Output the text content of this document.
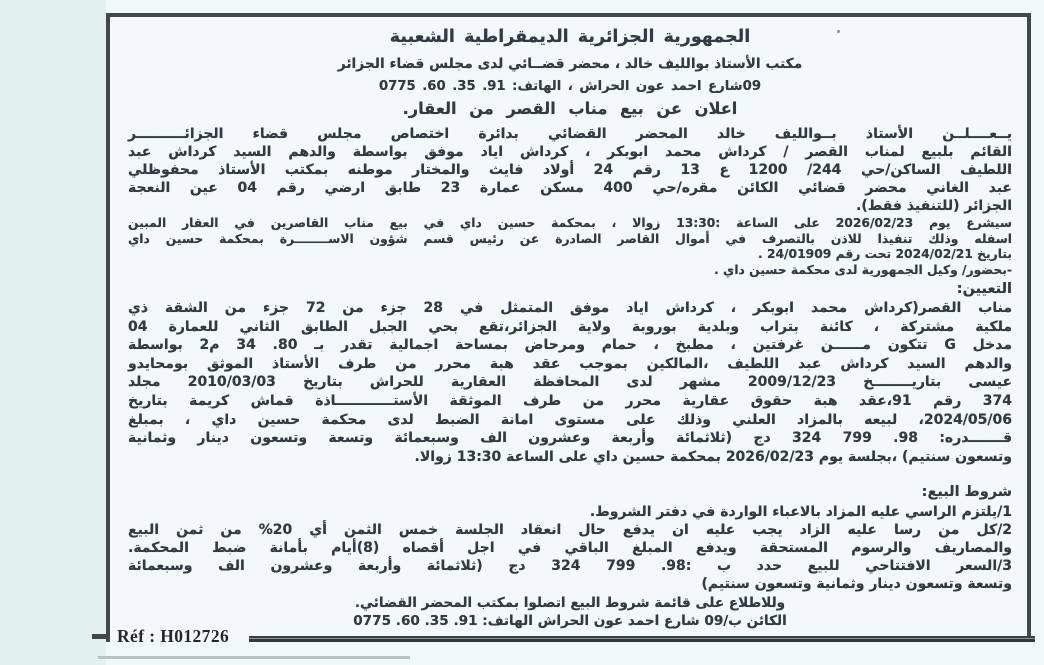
الجمهورية الجزائرية الديمقراطية الشعبية
مكتب الأستاذ بوالليف خالد ، محضر قضــائي لدى مجلس قضاء الجزائر
09شارع احمد عون الحراش ، الهاتف: 91. 35. 60. 0775
اعلان عن بيع مناب القصر من العقار.
يــعــــلــن الأستاذ بــوالليف خالد المحضر القضائي بدائرة اختصاص مجلس قضاء الجزائــــــــــر
القائم بلبيع لمناب القصر / كرداش محمد ابوبكر ، كرداش اياد موفق بواسطة والدهم السيد كرداش عبد
اللطيف الساكن/حي 244/ 1200 ع 13 رقم 24 أولاد فايث والمختار موطنه بمكتب الأستاذ محفوظلي
عبد الغاني محضر قضائي الكائن مقره/حي 400 مسكن عمارة 23 طابق ارضي رقم 04 عين النعجة
الجزائر (للتنفيذ فقط).
سيشرع يوم 2026/02/23 على الساعة :13:30 زوالا ، بمحكمة حسين داي في بيع مناب القاصرين في العقار المبين
اسفله وذلك تنفيذا للاذن بالتصرف في أموال القاصر الصادرة عن رئيس قسم شؤون الاســــــــرة بمحكمة حسين داي
بتاريخ 2024/02/21 تحت رقم 24/01909 .
-بحضور/ وكيل الجمهورية لدى محكمة حسين داي .
التعيين:
مناب القصر(كرداش محمد ابوبكر ، كرداش اياد موفق المتمثل في 28 جزء من 72 جزء من الشقة ذي
ملكية مشتركة ، كائنة بتراب وبلدية بوروبة ولاية الجزائر،تقع بحي الجبل الطابق الثاني للعمارة 04
مدخل G تتكون مــــــن غرفتين ، مطبخ ، حمام ومرحاض بمساحة اجمالية تقدر بـ 80. 34 م2 بواسطة
والدهم السيد كرداش عبد اللطيف ،المالكين بموجب عقد هبة محرر من طرف الأستاذ الموثق بومحايدو
عيسى بتاريــــــــخ 2009/12/23 مشهر لدى المحافظة العقارية للحراش بتاريخ 2010/03/03 مجلد
374 رقم 91،عقد هبة حقوق عقارية محرر من طرف الموثقة الأستــــــــــــاذة قماش كريمة بتاريخ
2024/05/06، لبيعه بالمزاد العلني وذلك على مستوى امانة الضبط لدى محكمة حسين داي ، بمبلغ
قـــــــدره: 98. 799 324 دج (ثلاثمائة وأربعة وعشرون الف وسبعمائة وتسعة وتسعون دينار وثمانية
وتسعون سنتيم) ،بجلسة يوم 2026/02/23 بمحكمة حسين داي على الساعة 13:30 زوالا.
شروط البيع:
1/يلتزم الراسي عليه المزاد بالاعباء الواردة في دفتر الشروط.
2/كل من رسا عليه الزاد يجب عليه ان يدفع حال انعقاد الجلسة خمس الثمن أي 20% من ثمن البيع
والمصاريف والرسوم المستحقة ويدفع المبلغ الباقي في اجل أقصاه (8)أيام بأمانة ضبط المحكمة.
3/السعر الافتتاحي للبيع حدد ب :98. 799 324 دج (ثلاثمائة وأربعة وعشرون الف وسبعمائة
وتسعة وتسعون دينار وثمانية وتسعون سنتيم)
وللاطلاع على قائمة شروط البيع اتصلوا بمكتب المحضر القضائي.
الكائن ب/09 شارع احمد عون الحراش الهاتف: 91. 35. 60. 0775
Réf : H012726
